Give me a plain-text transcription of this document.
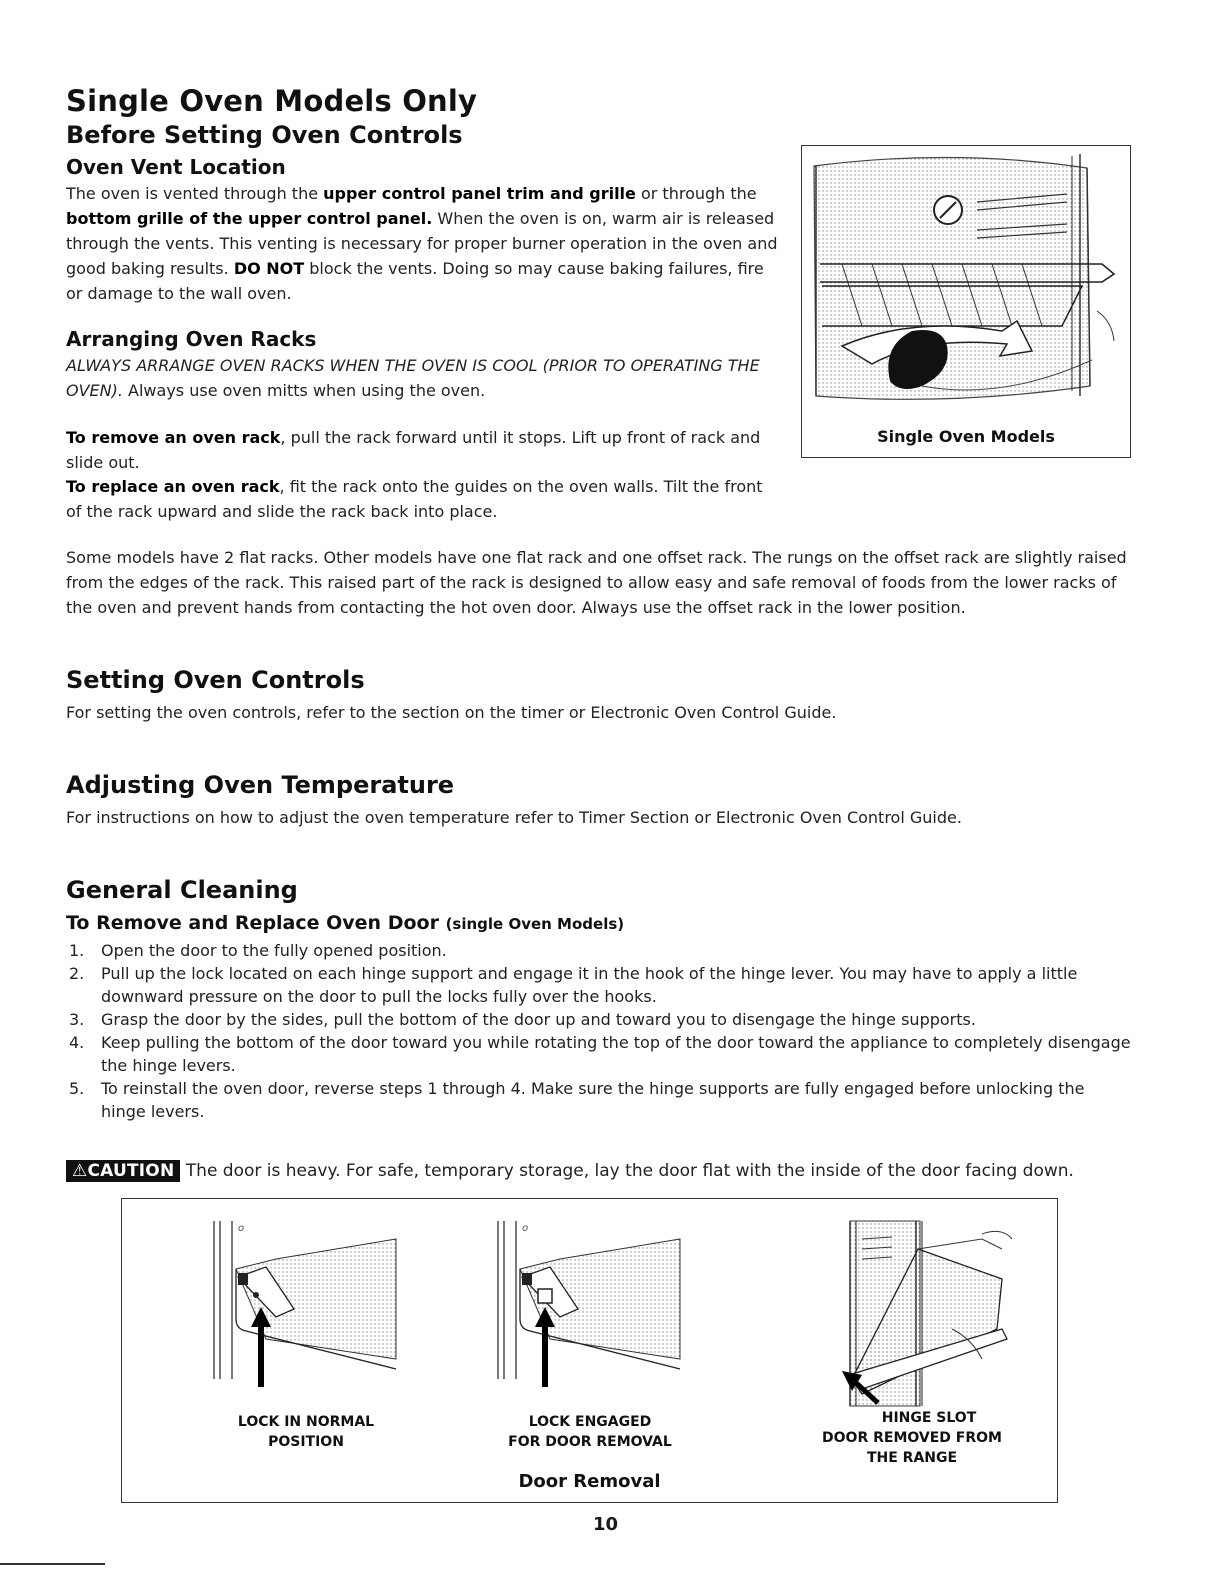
Single Oven Models Only
Before Setting Oven Controls
Oven Vent Location
The oven is vented through the upper control panel trim and grille or through the bottom grille of the upper control panel. When the oven is on, warm air is released through the vents. This venting is necessary for proper burner operation in the oven and good baking results. DO NOT block the vents. Doing so may cause baking failures, fire or damage to the wall oven.
Arranging Oven Racks
ALWAYS ARRANGE OVEN RACKS WHEN THE OVEN IS COOL (PRIOR TO OPERATING THE OVEN). Always use oven mitts when using the oven.
To remove an oven rack, pull the rack forward until it stops. Lift up front of rack and slide out.
To replace an oven rack, fit the rack onto the guides on the oven walls. Tilt the front of the rack upward and slide the rack back into place.
Some models have 2 flat racks. Other models have one flat rack and one offset rack. The rungs on the offset rack are slightly raised from the edges of the rack. This raised part of the rack is designed to allow easy and safe removal of foods from the lower racks of the oven and prevent hands from contacting the hot oven door. Always use the offset rack in the lower position.
Single Oven Models
Setting Oven Controls
For setting the oven controls, refer to the section on the timer or Electronic Oven Control Guide.
Adjusting Oven Temperature
For instructions on how to adjust the oven temperature refer to Timer Section or Electronic Oven Control Guide.
General Cleaning
To Remove and Replace Oven Door (single Oven Models)
1. Open the door to the fully opened position.
2. Pull up the lock located on each hinge support and engage it in the hook of the hinge lever. You may have to apply a little downward pressure on the door to pull the locks fully over the hooks.
3. Grasp the door by the sides, pull the bottom of the door up and toward you to disengage the hinge supports.
4. Keep pulling the bottom of the door toward you while rotating the top of the door toward the appliance to completely disengage the hinge levers.
5. To reinstall the oven door, reverse steps 1 through 4. Make sure the hinge supports are fully engaged before unlocking the hinge levers.
⚠CAUTION The door is heavy. For safe, temporary storage, lay the door flat with the inside of the door facing down.
o
LOCK IN NORMAL
POSITION
o
LOCK ENGAGED
FOR DOOR REMOVAL
HINGE SLOT
DOOR REMOVED FROM
THE RANGE
Door Removal
10
